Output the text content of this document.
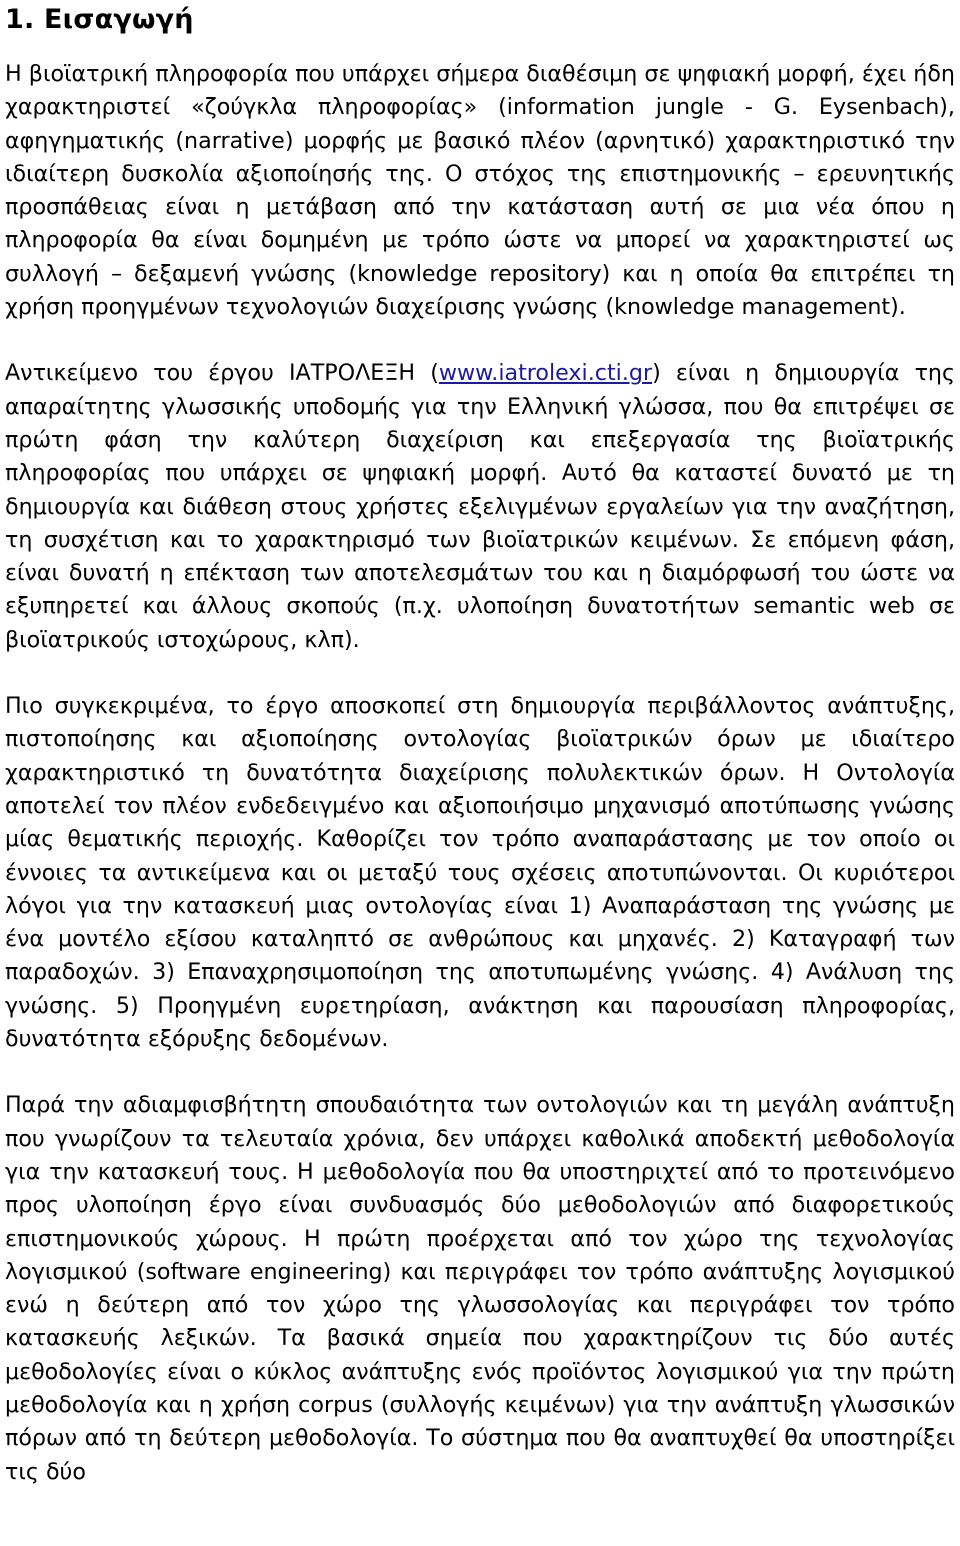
1. Εισαγωγή

Η βιοϊατρική πληροφορία που υπάρχει σήμερα διαθέσιμη σε ψηφιακή μορφή, έχει ήδη χαρακτηριστεί «ζούγκλα πληροφορίας» (information jungle - G. Eysenbach), αφηγηματικής (narrative) μορφής με βασικό πλέον (αρνητικό) χαρακτηριστικό την ιδιαίτερη δυσκολία αξιοποίησής της. Ο στόχος της επιστημονικής – ερευνητικής προσπάθειας είναι η μετάβαση από την κατάσταση αυτή σε μια νέα όπου η πληροφορία θα είναι δομημένη με τρόπο ώστε να μπορεί να χαρακτηριστεί ως συλλογή – δεξαμενή γνώσης (knowledge repository) και η οποία θα επιτρέπει τη χρήση προηγμένων τεχνολογιών διαχείρισης γνώσης (knowledge management).

Αντικείμενο του έργου ΙΑΤΡΟΛΕΞΗ (www.iatrolexi.cti.gr) είναι η δημιουργία της απαραίτητης γλωσσικής υποδομής για την Ελληνική γλώσσα, που θα επιτρέψει σε πρώτη φάση την καλύτερη διαχείριση και επεξεργασία της βιοϊατρικής πληροφορίας που υπάρχει σε ψηφιακή μορφή. Αυτό θα καταστεί δυνατό με τη δημιουργία και διάθεση στους χρήστες εξελιγμένων εργαλείων για την αναζήτηση, τη συσχέτιση και το χαρακτηρισμό των βιοϊατρικών κειμένων. Σε επόμενη φάση, είναι δυνατή η επέκταση των αποτελεσμάτων του και η διαμόρφωσή του ώστε να εξυπηρετεί και άλλους σκοπούς (π.χ. υλοποίηση δυνατοτήτων semantic web σε βιοϊατρικούς ιστοχώρους, κλπ).

Πιο συγκεκριμένα, το έργο αποσκοπεί στη δημιουργία περιβάλλοντος ανάπτυξης, πιστοποίησης και αξιοποίησης οντολογίας βιοϊατρικών όρων με ιδιαίτερο χαρακτηριστικό τη δυνατότητα διαχείρισης πολυλεκτικών όρων. Η Οντολογία αποτελεί τον πλέον ενδεδειγμένο και αξιοποιήσιμο μηχανισμό αποτύπωσης γνώσης μίας θεματικής περιοχής. Καθορίζει τον τρόπο αναπαράστασης με τον οποίο οι έννοιες τα αντικείμενα και οι μεταξύ τους σχέσεις αποτυπώνονται. Οι κυριότεροι λόγοι για την κατασκευή μιας οντολογίας είναι 1) Αναπαράσταση της γνώσης με ένα μοντέλο εξίσου καταληπτό σε ανθρώπους και μηχανές. 2) Καταγραφή των παραδοχών. 3) Επαναχρησιμοποίηση της αποτυπωμένης γνώσης. 4) Ανάλυση της γνώσης. 5) Προηγμένη ευρετηρίαση, ανάκτηση και παρουσίαση πληροφορίας, δυνατότητα εξόρυξης δεδομένων.

Παρά την αδιαμφισβήτητη σπουδαιότητα των οντολογιών και τη μεγάλη ανάπτυξη που γνωρίζουν τα τελευταία χρόνια, δεν υπάρχει καθολικά αποδεκτή μεθοδολογία για την κατασκευή τους. Η μεθοδολογία που θα υποστηριχτεί από το προτεινόμενο προς υλοποίηση έργο είναι συνδυασμός δύο μεθοδολογιών από διαφορετικούς επιστημονικούς χώρους. Η πρώτη προέρχεται από τον χώρο της τεχνολογίας λογισμικού (software engineering) και περιγράφει τον τρόπο ανάπτυξης λογισμικού ενώ η δεύτερη από τον χώρο της γλωσσολογίας και περιγράφει τον τρόπο κατασκευής λεξικών. Τα βασικά σημεία που χαρακτηρίζουν τις δύο αυτές μεθοδολογίες είναι ο κύκλος ανάπτυξης ενός προϊόντος λογισμικού για την πρώτη μεθοδολογία και η χρήση corpus (συλλογής κειμένων) για την ανάπτυξη γλωσσικών πόρων από τη δεύτερη μεθοδολογία. Το σύστημα που θα αναπτυχθεί θα υποστηρίξει τις δύο
